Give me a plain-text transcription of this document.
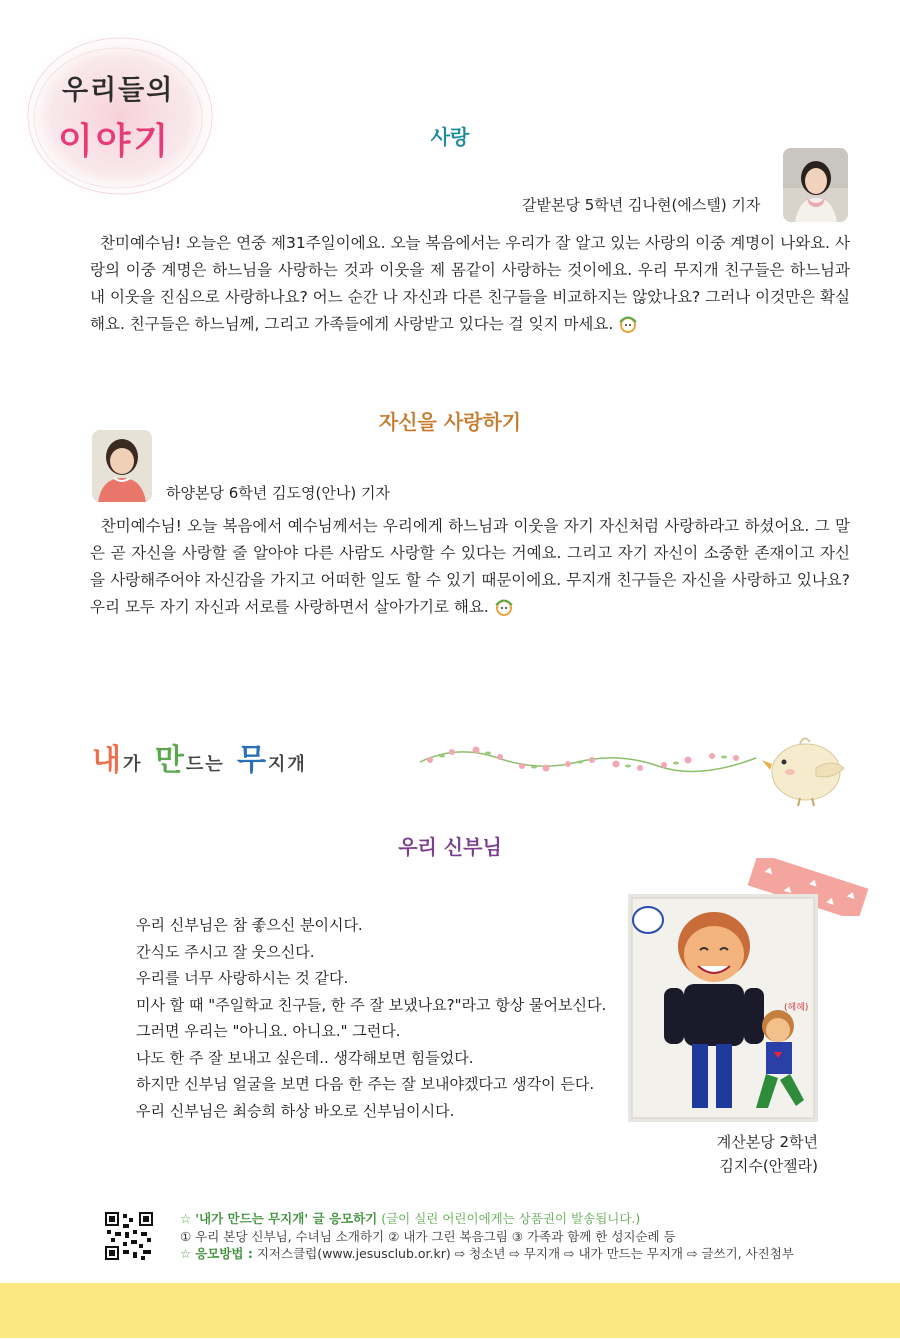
우리들의
이야기	사랑
갈밭본당 5학년 김나현(에스텔) 기자
찬미예수님! 오늘은 연중 제31주일이에요. 오늘 복음에서는 우리가 잘 알고 있는 사랑의 이중 계명이 나와요. 사랑의 이중 계명은 하느님을 사랑하는 것과 이웃을 제 몸같이 사랑하는 것이에요. 우리 무지개 친구들은 하느님과 내 이웃을 진심으로 사랑하나요? 어느 순간 나 자신과 다른 친구들을 비교하지는 않았나요? 그러나 이것만은 확실해요. 친구들은 하느님께, 그리고 가족들에게 사랑받고 있다는 걸 잊지 마세요.
자신을 사랑하기
하양본당 6학년 김도영(안나) 기자
찬미예수님! 오늘 복음에서 예수님께서는 우리에게 하느님과 이웃을 자기 자신처럼 사랑하라고 하셨어요. 그 말은 곧 자신을 사랑할 줄 알아야 다른 사람도 사랑할 수 있다는 거예요. 그리고 자기 자신이 소중한 존재이고 자신을 사랑해주어야 자신감을 가지고 어떠한 일도 할 수 있기 때문이에요. 무지개 친구들은 자신을 사랑하고 있나요? 우리 모두 자기 자신과 서로를 사랑하면서 살아가기로 해요.
내가 만드는 무지개
우리 신부님
우리 신부님은 참 좋으신 분이시다.
간식도 주시고 잘 웃으신다.
우리를 너무 사랑하시는 것 같다.
미사 할 때 "주일학교 친구들, 한 주 잘 보냈나요?"라고 항상 물어보신다.
그러면 우리는 "아니요. 아니요." 그런다.
나도 한 주 잘 보내고 싶은데.. 생각해보면 힘들었다.
하지만 신부님 얼굴을 보면 다음 한 주는 잘 보내야겠다고 생각이 든다.
우리 신부님은 최승희 하상 바오로 신부님이시다.
(헤헤)
계산본당 2학년
김지수(안젤라)
☆ '내가 만드는 무지개' 글 응모하기 (글이 실린 어린이에게는 상품권이 발송됩니다.)
① 우리 본당 신부님, 수녀님 소개하기 ② 내가 그린 복음그림 ③ 가족과 함께 한 성지순례 등
☆ 응모방법 : 지저스클럽(www.jesusclub.or.kr) ⇨ 청소년 ⇨ 무지개 ⇨ 내가 만드는 무지개 ⇨ 글쓰기, 사진첨부
